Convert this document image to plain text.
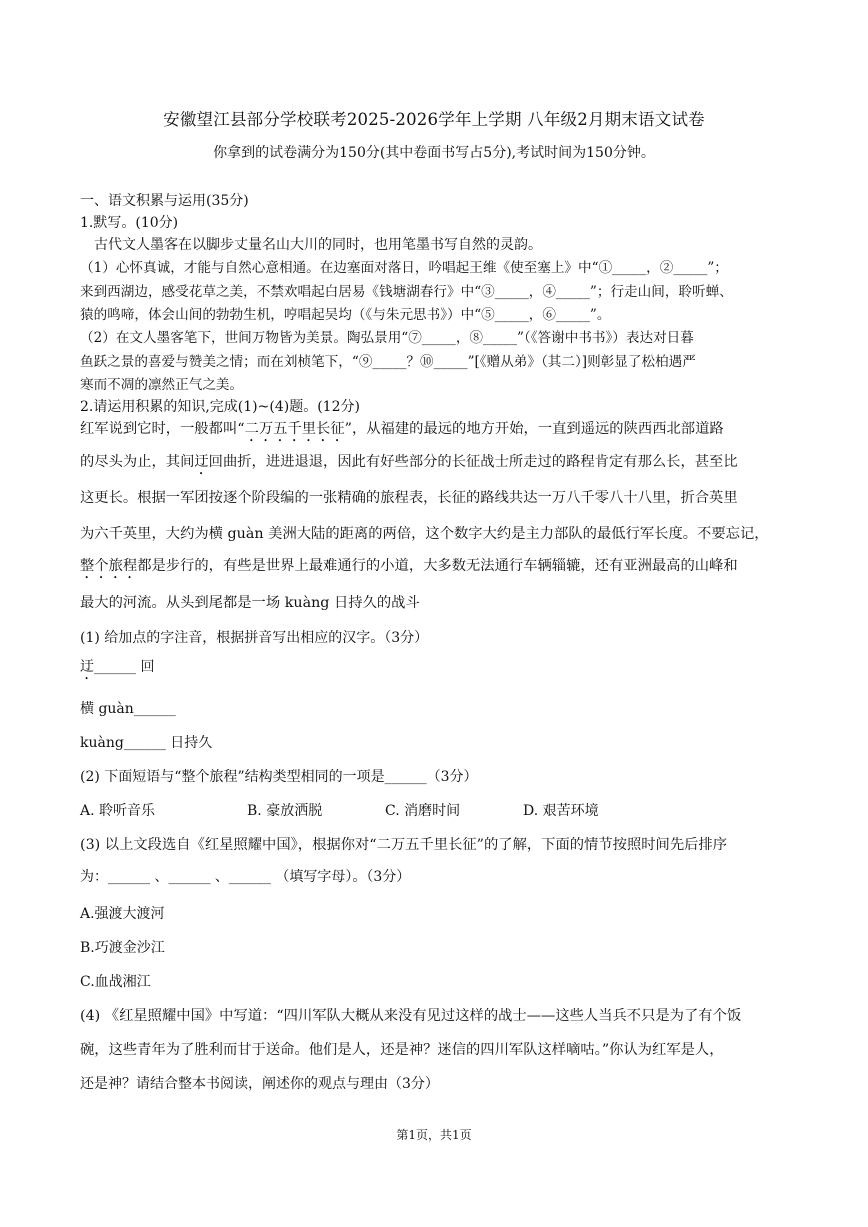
安徽望江县部分学校联考2025-2026学年上学期 八年级2月期末语文试卷
你拿到的试卷满分为150分(其中卷面书写占5分),考试时间为150分钟。
一、语文积累与运用(35分)
1.默写。(10分)
古代文人墨客在以脚步丈量名山大川的同时，也用笔墨书写自然的灵韵。
（1）心怀真诚，才能与自然心意相通。在边塞面对落日，吟唱起王维《使至塞上》中“①_____，②_____”；
来到西湖边，感受花草之美，不禁欢唱起白居易《钱塘湖春行》中“③_____，④_____”；行走山间，聆听蝉、
猿的鸣啼，体会山间的勃勃生机，哼唱起吴均（《与朱元思书》）中“⑤_____，⑥_____”。
（2）在文人墨客笔下，世间万物皆为美景。陶弘景用“⑦_____，⑧_____”（《答谢中书书》）表达对日暮
鱼跃之景的喜爱与赞美之情；而在刘桢笔下，“⑨_____？⑩_____”[《赠从弟》（其二）]则彰显了松柏遇严
寒而不凋的凛然正气之美。
2.请运用积累的知识,完成(1)~(4)题。(12分)
红军说到它时，一般都叫“二万五千里长征”，从福建的最远的地方开始，一直到遥远的陕西西北部道路
的尽头为止，其间迂回曲折，进进退退，因此有好些部分的长征战士所走过的路程肯定有那么长，甚至比
这更长。根据一军团按逐个阶段编的一张精确的旅程表，长征的路线共达一万八千零八十八里，折合英里
为六千英里，大约为横 guàn 美洲大陆的距离的两倍，这个数字大约是主力部队的最低行军长度。不要忘记，
整个旅程都是步行的，有些是世界上最难通行的小道，大多数无法通行车辆辎辘，还有亚洲最高的山峰和
最大的河流。从头到尾都是一场 kuàng 日持久的战斗
(1) 给加点的字注音，根据拼音写出相应的汉字。（3分）
迂______ 回
横 guàn______
kuàng______ 日持久
(2) 下面短语与“整个旅程”结构类型相同的一项是______（3分）
A. 聆听音乐	B. 豪放洒脱	C. 消磨时间	D. 艰苦环境
(3) 以上文段选自《红星照耀中国》，根据你对“二万五千里长征”的了解，下面的情节按照时间先后排序
为：______ 、______ 、______ （填写字母）。（3分）
A.强渡大渡河
B.巧渡金沙江
C.血战湘江
(4) 《红星照耀中国》中写道：“四川军队大概从来没有见过这样的战士——这些人当兵不只是为了有个饭
碗，这些青年为了胜利而甘于送命。他们是人，还是神？迷信的四川军队这样嘀咕。”你认为红军是人，
还是神？请结合整本书阅读，阐述你的观点与理由（3分）
第1页，共1页
